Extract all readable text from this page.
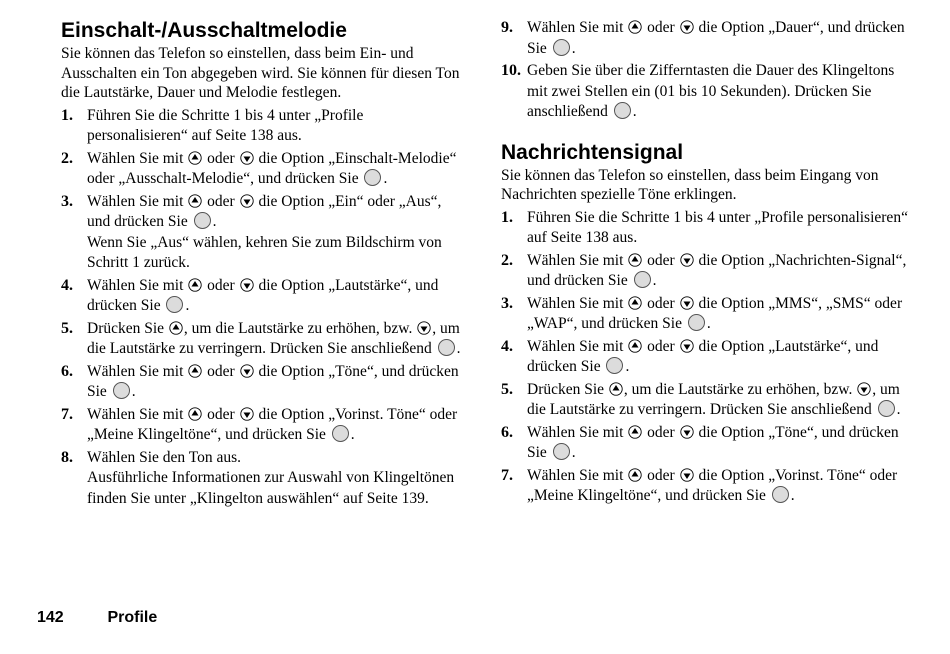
Einschalt-/Ausschaltmelodie

Sie können das Telefon so einstellen, dass beim Ein- und Ausschalten ein Ton abgegeben wird. Sie können für diesen Ton die Lautstärke, Dauer und Melodie festlegen.

1. Führen Sie die Schritte 1 bis 4 unter „Profile personalisieren“ auf Seite 138 aus.
2. Wählen Sie mit  oder  die Option „Einschalt-Melodie“ oder „Ausschalt-Melodie“, und drücken Sie .
3. Wählen Sie mit  oder  die Option „Ein“ oder „Aus“, und drücken Sie .
Wenn Sie „Aus“ wählen, kehren Sie zum Bildschirm von Schritt 1 zurück.
4. Wählen Sie mit  oder  die Option „Lautstärke“, und drücken Sie .
5. Drücken Sie , um die Lautstärke zu erhöhen, bzw. , um die Lautstärke zu verringern. Drücken Sie anschließend .
6. Wählen Sie mit  oder  die Option „Töne“, und drücken Sie .
7. Wählen Sie mit  oder  die Option „Vorinst. Töne“ oder „Meine Klingeltöne“, und drücken Sie .
8. Wählen Sie den Ton aus.
Ausführliche Informationen zur Auswahl von Klingeltönen finden Sie unter „Klingelton auswählen“ auf Seite 139.
9. Wählen Sie mit  oder  die Option „Dauer“, und drücken Sie .
10. Geben Sie über die Zifferntasten die Dauer des Klingeltons mit zwei Stellen ein (01 bis 10 Sekunden). Drücken Sie anschließend .
Nachrichtensignal

Sie können das Telefon so einstellen, dass beim Eingang von Nachrichten spezielle Töne erklingen.

1. Führen Sie die Schritte 1 bis 4 unter „Profile personalisieren“ auf Seite 138 aus.
2. Wählen Sie mit  oder  die Option „Nachrichten-Signal“, und drücken Sie .
3. Wählen Sie mit  oder  die Option „MMS“, „SMS“ oder „WAP“, und drücken Sie .
4. Wählen Sie mit  oder  die Option „Lautstärke“, und drücken Sie .
5. Drücken Sie , um die Lautstärke zu erhöhen, bzw. , um die Lautstärke zu verringern. Drücken Sie anschließend .
6. Wählen Sie mit  oder  die Option „Töne“, und drücken Sie .
7. Wählen Sie mit  oder  die Option „Vorinst. Töne“ oder „Meine Klingeltöne“, und drücken Sie .
142	Profile
